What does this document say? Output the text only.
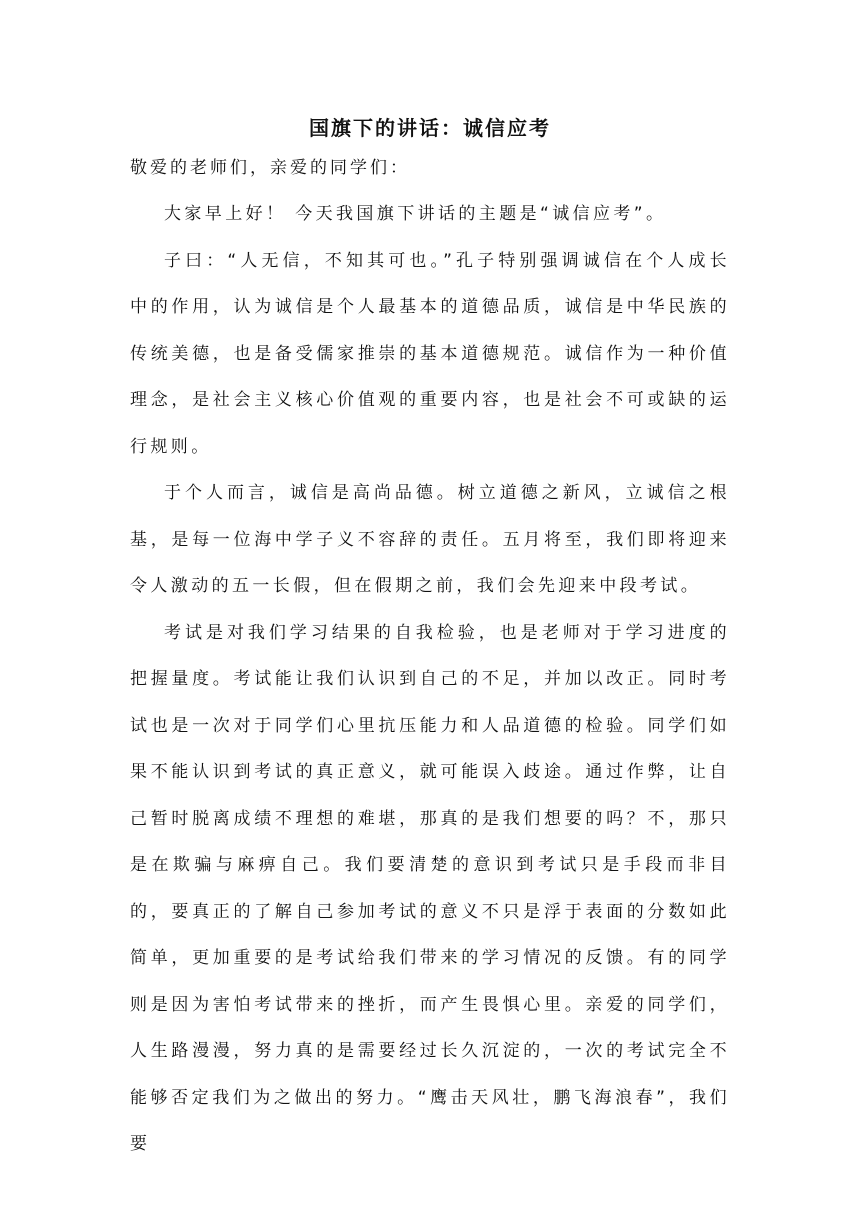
国旗下的讲话：诚信应考

敬爱的老师们，亲爱的同学们：

大家早上好！ 今天我国旗下讲话的主题是“诚信应考”。

子曰：“人无信，不知其可也。”孔子特别强调诚信在个人成长中的作用，认为诚信是个人最基本的道德品质，诚信是中华民族的传统美德，也是备受儒家推崇的基本道德规范。诚信作为一种价值理念，是社会主义核心价值观的重要内容，也是社会不可或缺的运行规则。

于个人而言，诚信是高尚品德。树立道德之新风，立诚信之根基，是每一位海中学子义不容辞的责任。五月将至，我们即将迎来令人激动的五一长假，但在假期之前，我们会先迎来中段考试。

考试是对我们学习结果的自我检验，也是老师对于学习进度的把握量度。考试能让我们认识到自己的不足，并加以改正。同时考试也是一次对于同学们心里抗压能力和人品道德的检验。同学们如果不能认识到考试的真正意义，就可能误入歧途。通过作弊，让自己暂时脱离成绩不理想的难堪，那真的是我们想要的吗？不，那只是在欺骗与麻痹自己。我们要清楚的意识到考试只是手段而非目的，要真正的了解自己参加考试的意义不只是浮于表面的分数如此简单，更加重要的是考试给我们带来的学习情况的反馈。有的同学则是因为害怕考试带来的挫折，而产生畏惧心里。亲爱的同学们，人生路漫漫，努力真的是需要经过长久沉淀的，一次的考试完全不能够否定我们为之做出的努力。“鹰击天风壮，鹏飞海浪春”，我们要
